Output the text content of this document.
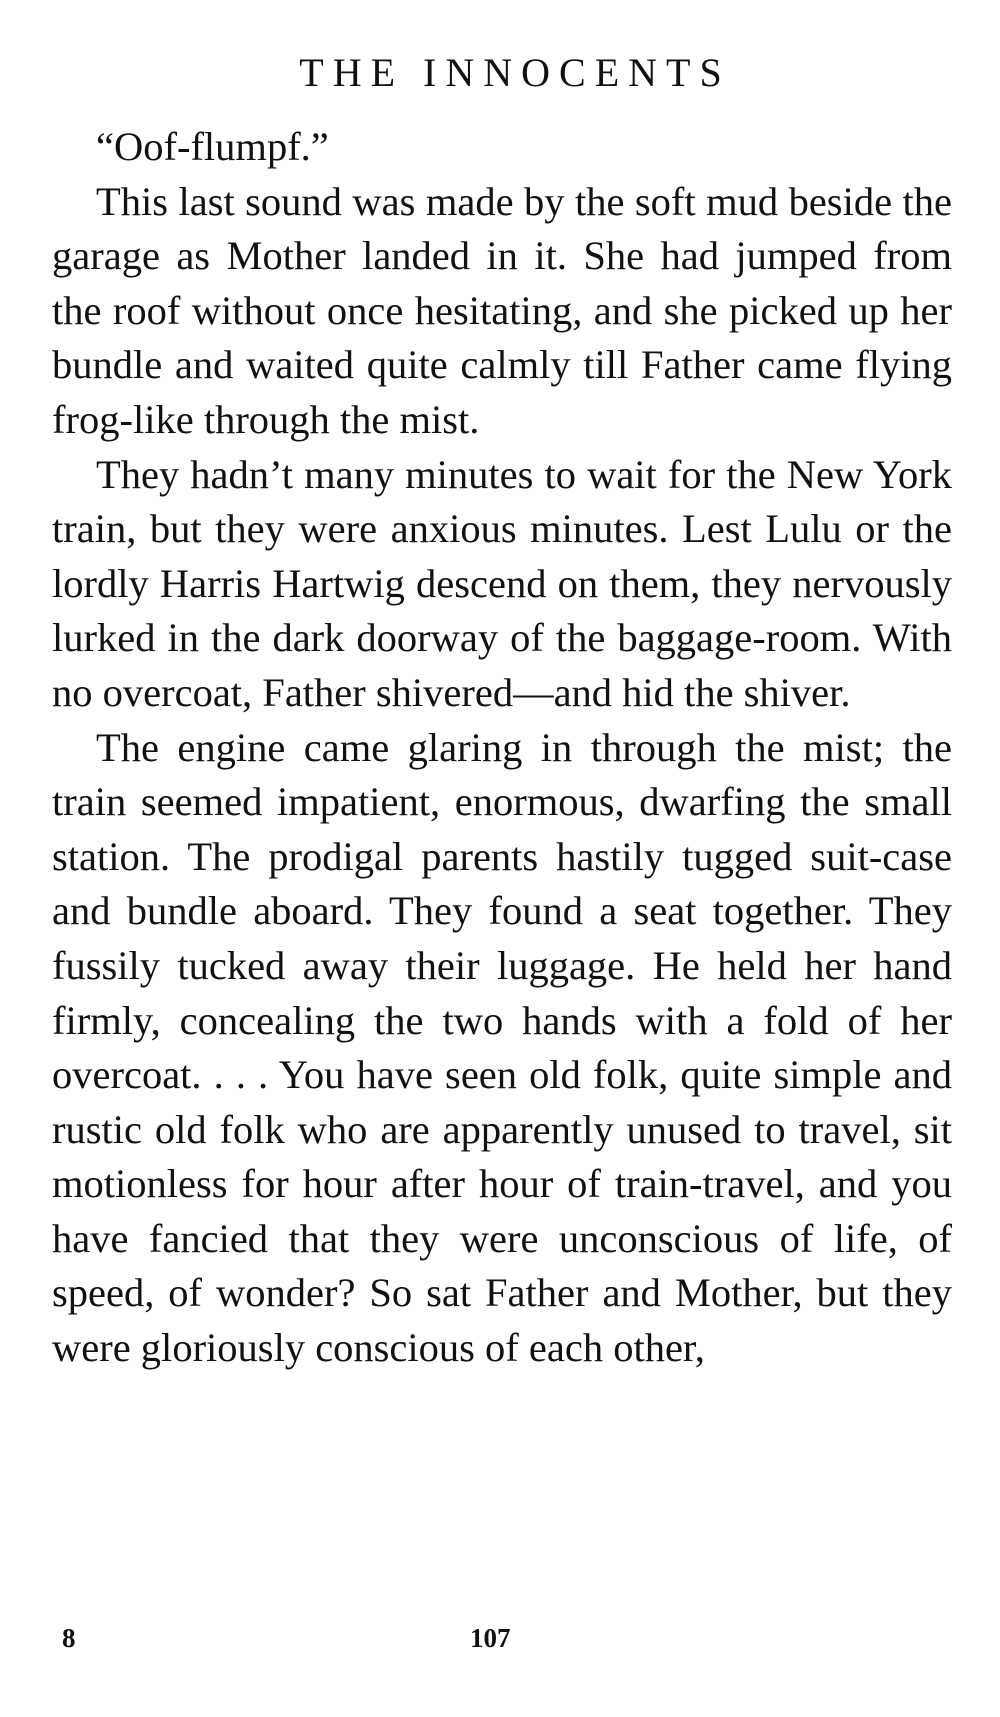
THE INNOCENTS

“Oof-flumpf.”

This last sound was made by the soft mud beside the garage as Mother landed in it. She had jumped from the roof without once hesitating, and she picked up her bundle and waited quite calmly till Father came flying frog-like through the mist.

They hadn’t many minutes to wait for the New York train, but they were anxious minutes. Lest Lulu or the lordly Harris Hartwig descend on them, they nervously lurked in the dark doorway of the baggage-room. With no overcoat, Father shivered—and hid the shiver.

The engine came glaring in through the mist; the train seemed impatient, enormous, dwarfing the small station. The prodigal parents hastily tugged suit-case and bundle aboard. They found a seat together. They fussily tucked away their luggage. He held her hand firmly, concealing the two hands with a fold of her overcoat. . . . You have seen old folk, quite simple and rustic old folk who are apparently unused to travel, sit motionless for hour after hour of train-travel, and you have fancied that they were unconscious of life, of speed, of wonder? So sat Father and Mother, but they were gloriously conscious of each other,

8	107
